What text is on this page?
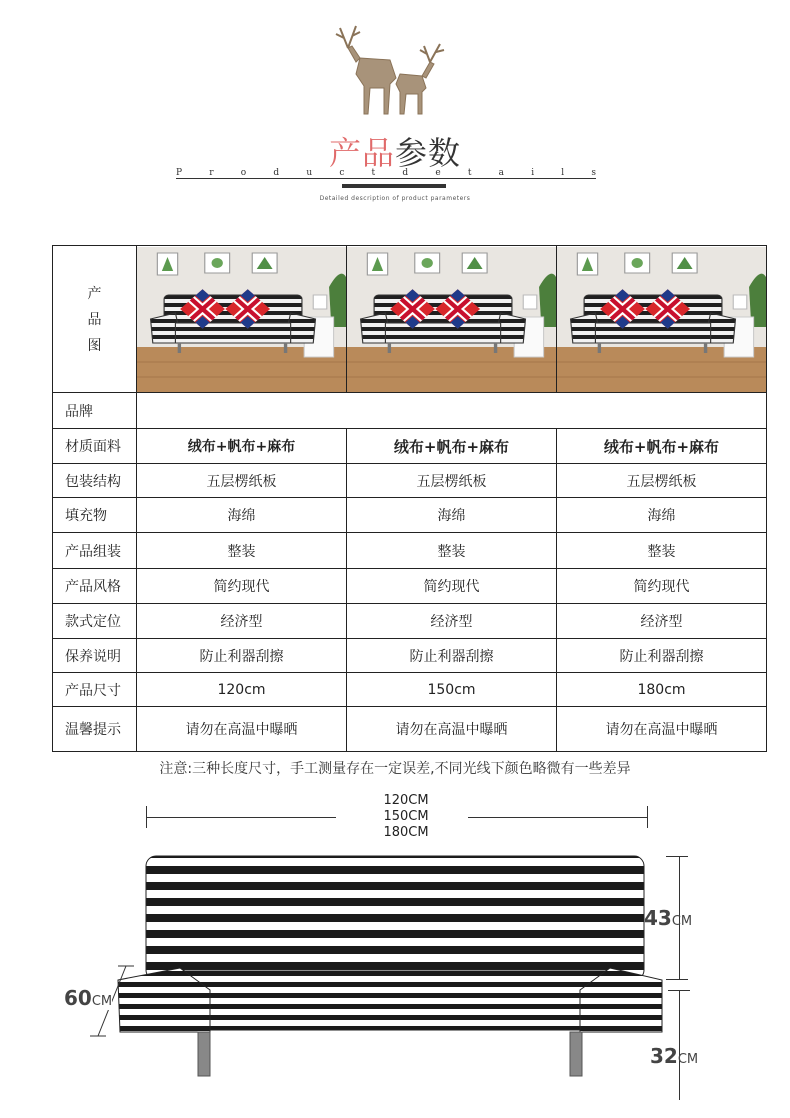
产品参数
P r o d u c t d e t a i l s
Detailed description of product parameters
产
品
图

品牌			
材质面料	绒布+帆布+麻布	绒布+帆布+麻布	绒布+帆布+麻布
包装结构	五层楞纸板	五层楞纸板	五层楞纸板
填充物	海绵	海绵	海绵
产品组装	整装	整装	整装
产品风格	简约现代	简约现代	简约现代
款式定位	经济型	经济型	经济型
保养说明	防止利器刮擦	防止利器刮擦	防止利器刮擦
产品尺寸	120cm	150cm	180cm
温馨提示	请勿在高温中曝晒	请勿在高温中曝晒	请勿在高温中曝晒
注意:三种长度尺寸，手工测量存在一定误差,不同光线下颜色略微有一些差异
120CM
150CM
180CM
43CM
32CM
60CM
